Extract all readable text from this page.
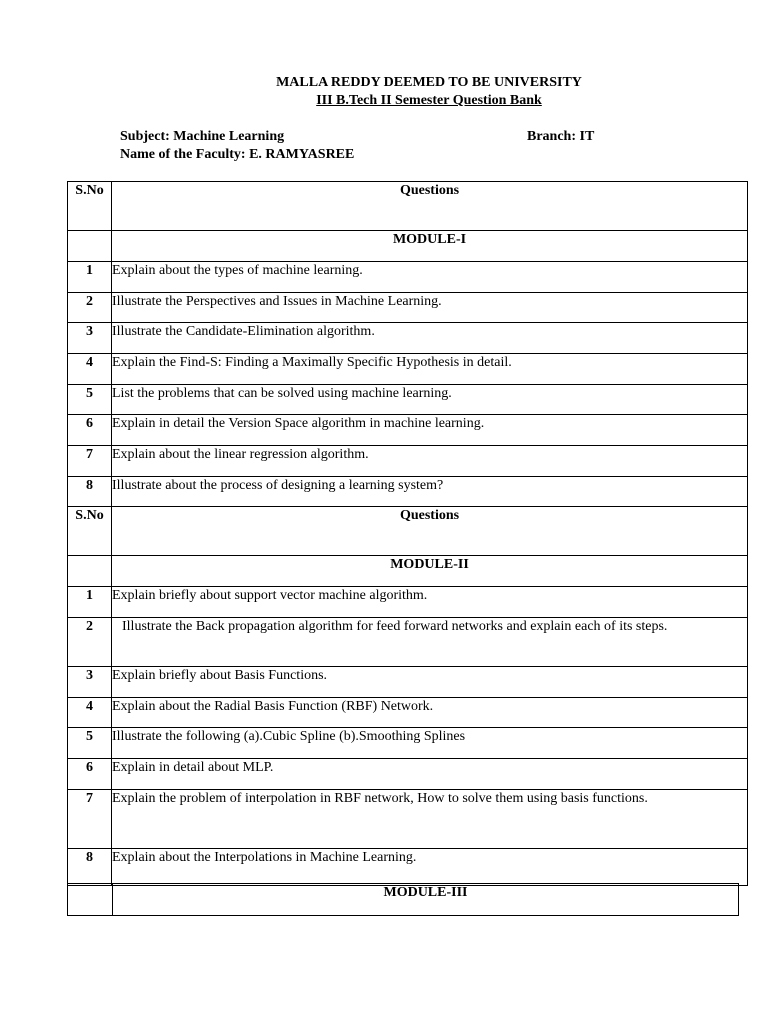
MALLA REDDY DEEMED TO BE UNIVERSITY
III B.Tech II Semester Question Bank
Subject: Machine Learning	Branch: IT
Name of the Faculty: E. RAMYASREE
S.No	Questions
	MODULE-I
1	Explain about the types of machine learning.
2	Illustrate the Perspectives and Issues in Machine Learning.
3	Illustrate the Candidate-Elimination algorithm.
4	Explain the Find-S: Finding a Maximally Specific Hypothesis in detail.
5	List the problems that can be solved using machine learning.
6	Explain in detail the Version Space algorithm in machine learning.
7	Explain about the linear regression algorithm.
8	Illustrate about the process of designing a learning system?
S.No	Questions
	MODULE-II
1	Explain briefly about support vector machine algorithm.
2	Illustrate the Back propagation algorithm for feed forward networks and explain each of its steps.
3	Explain briefly about Basis Functions.
4	Explain about the Radial Basis Function (RBF) Network.
5	Illustrate the following (a).Cubic Spline (b).Smoothing Splines
6	Explain in detail about MLP.
7	Explain the problem of interpolation in RBF network, How to solve them using basis functions.
8	Explain about the Interpolations in Machine Learning.
	MODULE-III
